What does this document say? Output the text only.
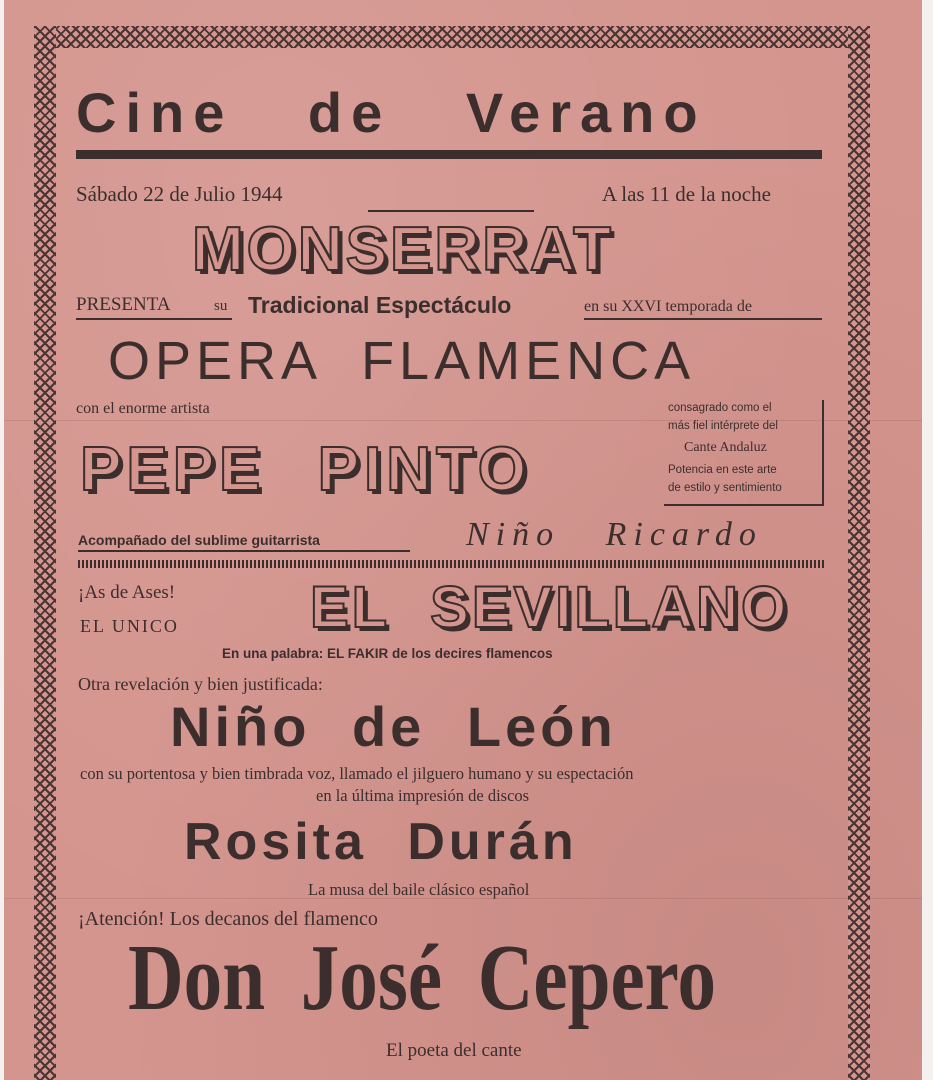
Cine de Verano
Sábado 22 de Julio 1944	A las 11 de la noche
MONSERRAT
PRESENTA	su Tradicional Espectáculo	en su XXVI temporada de
OPERA FLAMENCA
con el enorme artista
PEPE PINTO
consagrado como el
más fiel intérprete del
Cante Andaluz
Potencia en este arte
de estilo y sentimiento
Acompañado del sublime guitarrista	Niño Ricardo
¡As de Ases!
EL UNICO EL SEVILLANO
En una palabra: EL FAKIR de los decires flamencos
Otra revelación y bien justificada:
Niño de León
con su portentosa y bien timbrada voz, llamado el jilguero humano y su espectación
en la última impresión de discos
Rosita Durán
La musa del baile clásico español
¡Atención! Los decanos del flamenco
Don José Cepero
El poeta del cante
